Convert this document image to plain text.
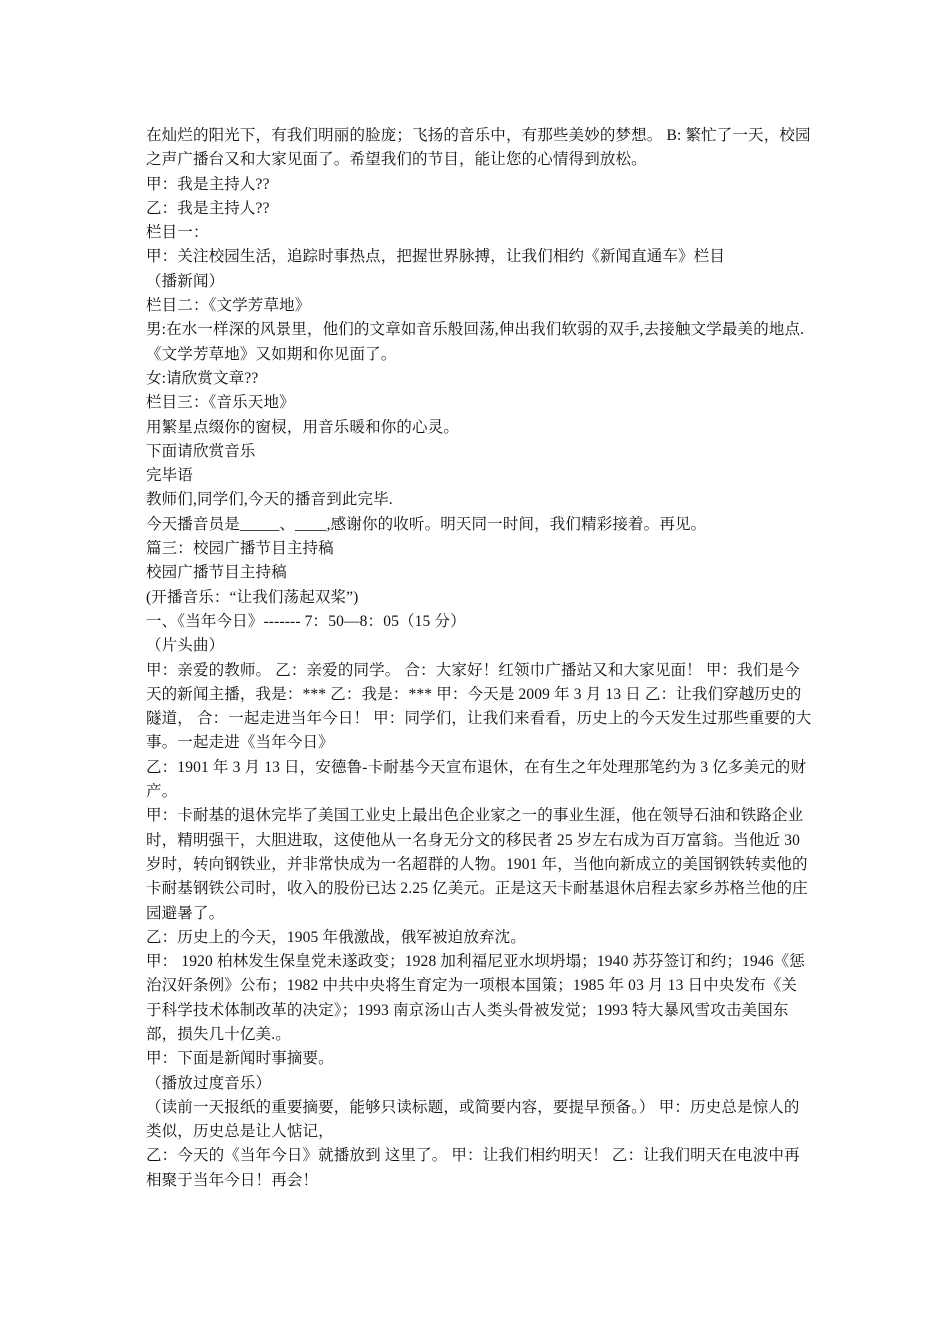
在灿烂的阳光下，有我们明丽的脸庞；飞扬的音乐中，有那些美妙的梦想。 B: 繁忙了一天，校园之声广播台又和大家见面了。希望我们的节目，能让您的心情得到放松。

甲：我是主持人??

乙：我是主持人??

栏目一：

甲：关注校园生活，追踪时事热点，把握世界脉搏，让我们相约《新闻直通车》栏目

（播新闻）

栏目二：《文学芳草地》

男:在水一样深的风景里，他们的文章如音乐般回荡,伸出我们软弱的双手,去接触文学最美的地点.《文学芳草地》又如期和你见面了。

女:请欣赏文章??

栏目三：《音乐天地》

用繁星点缀你的窗棂，用音乐暖和你的心灵。

下面请欣赏音乐

完毕语

教师们,同学们,今天的播音到此完毕.

今天播音员是_____、____,感谢你的收听。明天同一时间，我们精彩接着。再见。

篇三：校园广播节目主持稿

校园广播节目主持稿

(开播音乐：“让我们荡起双桨”)

一、《当年今日》------- 7：50—8：05（15 分）

（片头曲）

甲：亲爱的教师。 乙：亲爱的同学。 合：大家好！红领巾广播站又和大家见面！ 甲：我们是今天的新闻主播，我是：*** 乙：我是：*** 甲：今天是 2009 年 3 月 13 日 乙：让我们穿越历史的隧道， 合：一起走进当年今日！ 甲：同学们，让我们来看看，历史上的今天发生过那些重要的大事。一起走进《当年今日》

乙：1901 年 3 月 13 日，安德鲁-卡耐基今天宣布退休，在有生之年处理那笔约为 3 亿多美元的财产。

甲：卡耐基的退休完毕了美国工业史上最出色企业家之一的事业生涯，他在领导石油和铁路企业时，精明强干，大胆进取，这使他从一名身无分文的移民者 25 岁左右成为百万富翁。当他近 30 岁时，转向钢铁业，并非常快成为一名超群的人物。1901 年，当他向新成立的美国钢铁转卖他的卡耐基钢铁公司时，收入的股份已达 2.25 亿美元。正是这天卡耐基退休启程去家乡苏格兰他的庄园避暑了。

乙：历史上的今天，1905 年俄激战，俄军被迫放弃沈。

甲： 1920 柏林发生保皇党未遂政变；1928 加利福尼亚水坝坍塌；1940 苏芬签订和约；1946《惩治汉奸条例》公布；1982 中共中央将生育定为一项根本国策；1985 年 03 月 13 日中央发布《关于科学技术体制改革的决定》；1993 南京汤山古人类头骨被发觉；1993 特大暴风雪攻击美国东部，损失几十亿美.。

甲：下面是新闻时事摘要。

（播放过度音乐）

（读前一天报纸的重要摘要，能够只读标题，或简要内容，要提早预备。） 甲：历史总是惊人的类似，历史总是让人惦记，

乙：今天的《当年今日》就播放到 这里了。 甲：让我们相约明天！ 乙：让我们明天在电波中再相聚于当年今日！再会！
